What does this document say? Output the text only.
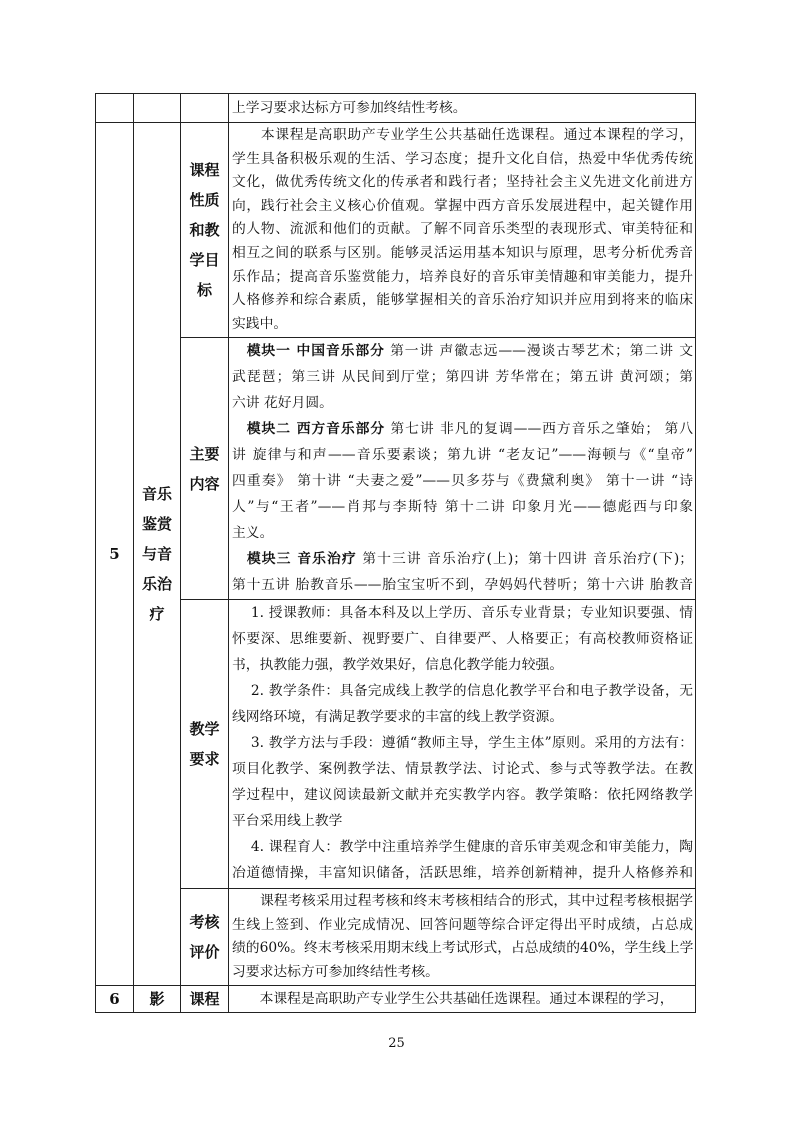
上学习要求达标方可参加终结性考核。
5
音乐
鉴赏
与音
乐治
疗
课程
性质
和教
学目
标
　　本课程是高职助产专业学生公共基础任选课程。通过本课程的学习，
学生具备积极乐观的生活、学习态度；提升文化自信，热爱中华优秀传统
文化，做优秀传统文化的传承者和践行者；坚持社会主义先进文化前进方
向，践行社会主义核心价值观。掌握中西方音乐发展进程中，起关键作用
的人物、流派和他们的贡献。了解不同音乐类型的表现形式、审美特征和
相互之间的联系与区别。能够灵活运用基本知识与原理，思考分析优秀音
乐作品；提高音乐鉴赏能力，培养良好的音乐审美情趣和审美能力，提升
人格修养和综合素质，能够掌握相关的音乐治疗知识并应用到将来的临床
实践中。
主要
内容
　模块一 中国音乐部分 第一讲 声徽志远——漫谈古琴艺术；第二讲 文
武琵琶；第三讲 从民间到厅堂；第四讲 芳华常在；第五讲 黄河颂；第
六讲 花好月圆。
　模块二 西方音乐部分 第七讲 非凡的复调——西方音乐之肇始； 第八
讲 旋律与和声——音乐要素谈；第九讲 “老友记”——海顿与《“皇帝”
四重奏》 第十讲 “夫妻之爱”——贝多芬与《费黛利奥》 第十一讲 “诗
人”与“王者”——肖邦与李斯特 第十二讲 印象月光——德彪西与印象
主义。
　模块三 音乐治疗 第十三讲 音乐治疗(上)；第十四讲 音乐治疗(下)；
第十五讲 胎教音乐——胎宝宝听不到，孕妈妈代替听；第十六讲 胎教音
教学
要求
　 1. 授课教师：具备本科及以上学历、音乐专业背景；专业知识要强、情
怀要深、思维要新、视野要广、自律要严、人格要正；有高校教师资格证
书，执教能力强，教学效果好，信息化教学能力较强。
　 2. 教学条件：具备完成线上教学的信息化教学平台和电子教学设备，无
线网络环境，有满足教学要求的丰富的线上教学资源。
　 3. 教学方法与手段：遵循“教师主导，学生主体”原则。采用的方法有：
项目化教学、案例教学法、情景教学法、讨论式、参与式等教学法。在教
学过程中，建议阅读最新文献并充实教学内容。教学策略：依托网络教学
平台采用线上教学
　 4. 课程育人：教学中注重培养学生健康的音乐审美观念和审美能力，陶
冶道德情操，丰富知识储备，活跃思维，培养创新精神，提升人格修养和
考核
评价
　　课程考核采用过程考核和终末考核相结合的形式，其中过程考核根据学
生线上签到、作业完成情况、回答问题等综合评定得出平时成绩，占总成
绩的60%。终末考核采用期末线上考试形式，占总成绩的40%，学生线上学
习要求达标方可参加终结性考核。
6	影	课程 　　本课程是高职助产专业学生公共基础任选课程。通过本课程的学习，
25
